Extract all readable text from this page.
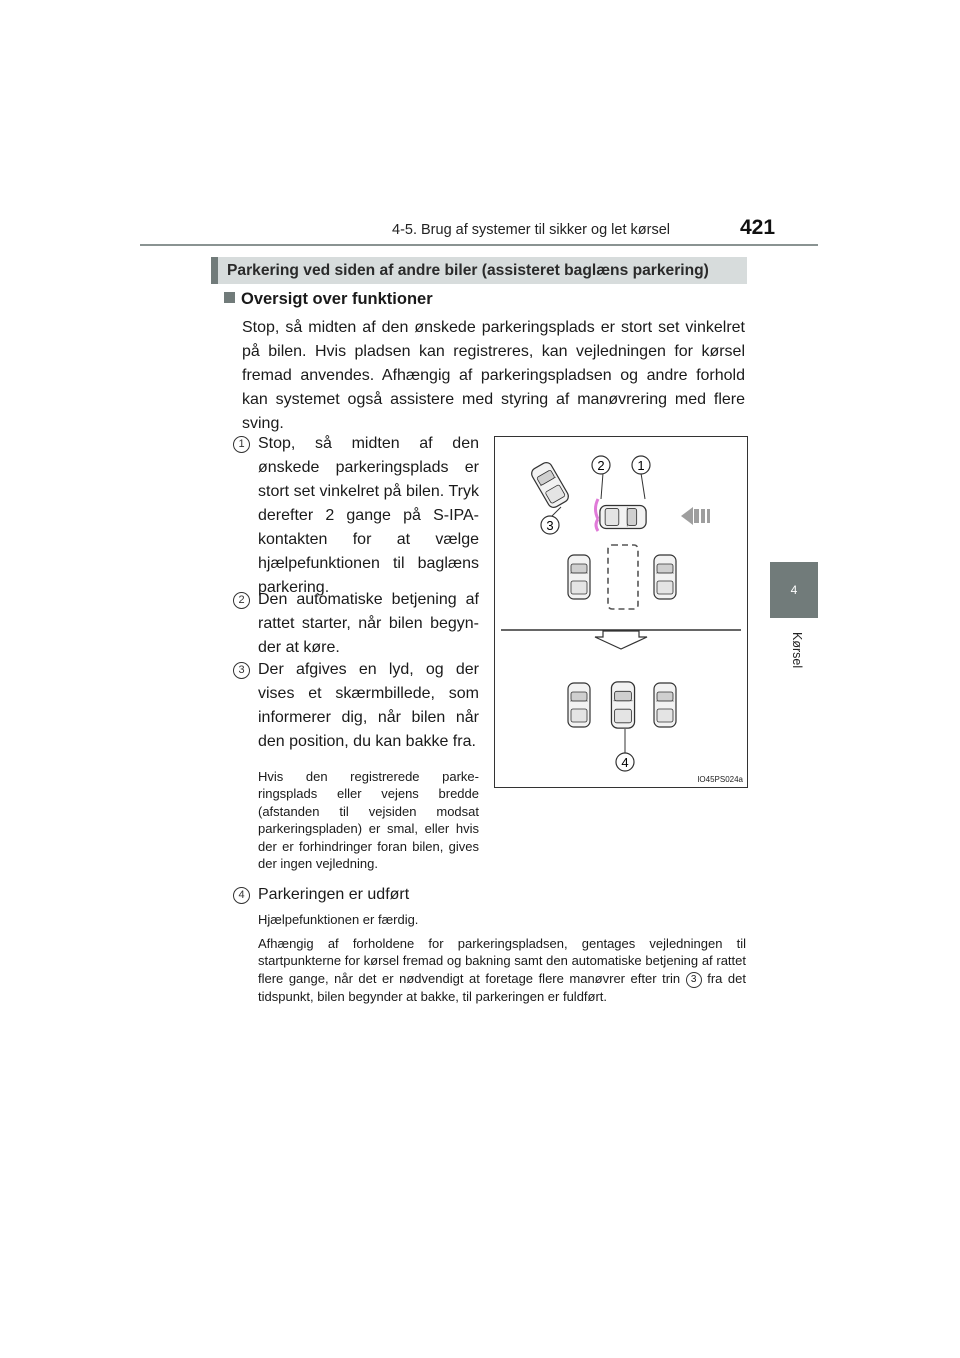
4-5. Brug af systemer til sikker og let kørsel	421
4
Kørsel
Parkering ved siden af andre biler (assisteret baglæns parkering)
Oversigt over funktioner

Stop, så midten af den ønskede parkeringsplads er stort set vinkelret på bilen. Hvis pladsen kan registreres, kan vejledningen for kørsel fremad anvendes. Afhængig af parkeringspladsen og andre forhold kan systemet også assistere med styring af manøvrering med flere sving.

1 Stop, så midten af den ønskede parkeringsplads er stort set vinkelret på bilen. Tryk derefter 2 gange på S-IPA-kontakten for at vælge hjælpefunktionen til baglæns parkering.

2 Den automatiske betjening af rattet starter, når bilen begyn-der at køre.

3 Der afgives en lyd, og der vises et skærmbillede, som informerer dig, når bilen når den position, du kan bakke fra.

Hvis den registrerede parke-ringsplads eller vejens bredde (afstanden til vejsiden modsat parkeringspladen) er smal, eller hvis der er forhindringer foran bilen, gives der ingen vejledning.

4 Parkeringen er udført

Hjælpefunktionen er færdig.

Afhængig af forholdene for parkeringspladsen, gentages vejledningen til startpunkterne for kørsel fremad og bakning samt den automatiske betjening af rattet flere gange, når det er nødvendigt at foretage flere manøvrer efter trin 3 fra det tidspunkt, bilen begynder at bakke, til parkeringen er fuldført.

2	1
3
4
IO45PS024a
